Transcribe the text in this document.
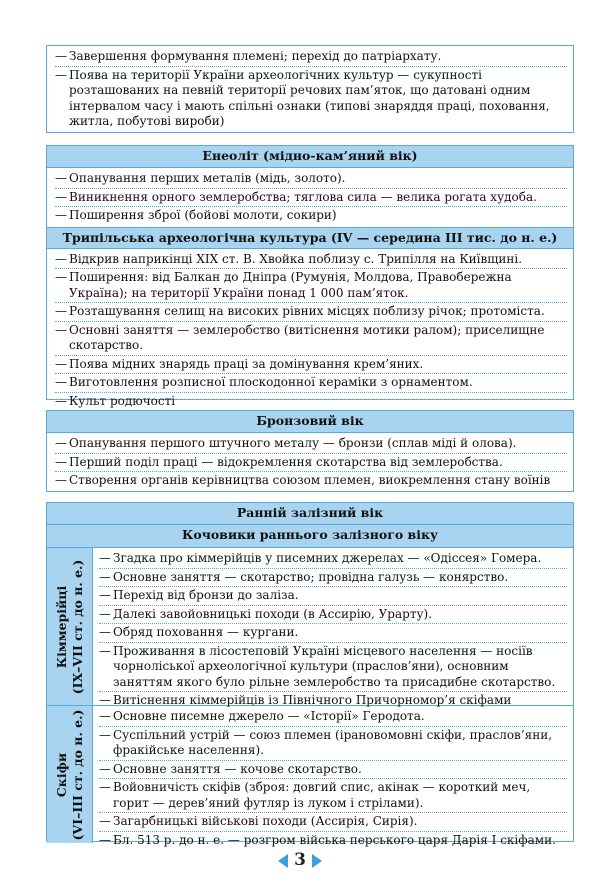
— Завершення формування племені; перехід до патріархату.
— Поява на території України археологічних культур — сукупності розташованих на певній території речових пам’яток, що датовані одним інтервалом часу і мають спільні ознаки (типові знаряддя праці, поховання, житла, побутові вироби)
Енеоліт (мідно-кам’яний вік)
— Опанування перших металів (мідь, золото).
— Виникнення орного землеробства; тяглова сила — велика рогата худоба.
— Поширення зброї (бойові молоти, сокири)
Трипільська археологічна культура (IV — середина III тис. до н. е.)
— Відкрив наприкінці XIX ст. В. Хвойка поблизу с. Трипілля на Київщині.
— Поширення: від Балкан до Дніпра (Румунія, Молдова, Правобережна Україна); на території України понад 1 000 пам’яток.
— Розташування селищ на високих рівних місцях поблизу річок; протоміста.
— Основні заняття — землеробство (витіснення мотики ралом); приселищне скотарство.
— Поява мідних знарядь праці за домінування крем’яних.
— Виготовлення розписної плоскодонної кераміки з орнаментом.
— Культ родючості
Бронзовий вік
— Опанування першого штучного металу — бронзи (сплав міді й олова).
— Перший поділ праці — відокремлення скотарства від землеробства.
— Створення органів керівництва союзом племен, виокремлення стану воїнів
Ранній залізний вік
Кочовики раннього залізного віку
Кіммерійці (IX–VII ст. до н. е.)
— Згадка про кіммерійців у писемних джерелах — «Одіссея» Гомера.
— Основне заняття — скотарство; провідна галузь — конярство.
— Перехід від бронзи до заліза.
— Далекі завойовницькі походи (в Ассирію, Урарту).
— Обряд поховання — кургани.
— Проживання в лісостеповій Україні місцевого населення — носіїв чорноліської археологічної культури (праслов’яни), основним заняттям якого було рільне землеробство та присадибне скотарство.
— Витіснення кіммерійців із Північного Причорномор’я скіфами
Скіфи (VI–III ст. до н. е.) — Основне писемне джерело — «Історії» Геродота.
— Суспільний устрій — союз племен (ірановомовні скіфи, праслов’яни, фракійське населення).
— Основне заняття — кочове скотарство.
— Войовничість скіфів (зброя: довгий спис, акінак — короткий меч, горит — дерев’яний футляр із луком і стрілами).
— Загарбницькі військові походи (Ассирія, Сирія).
— Бл. 513 р. до н. е. — розгром війська перського царя Дарія І скіфами.
3
